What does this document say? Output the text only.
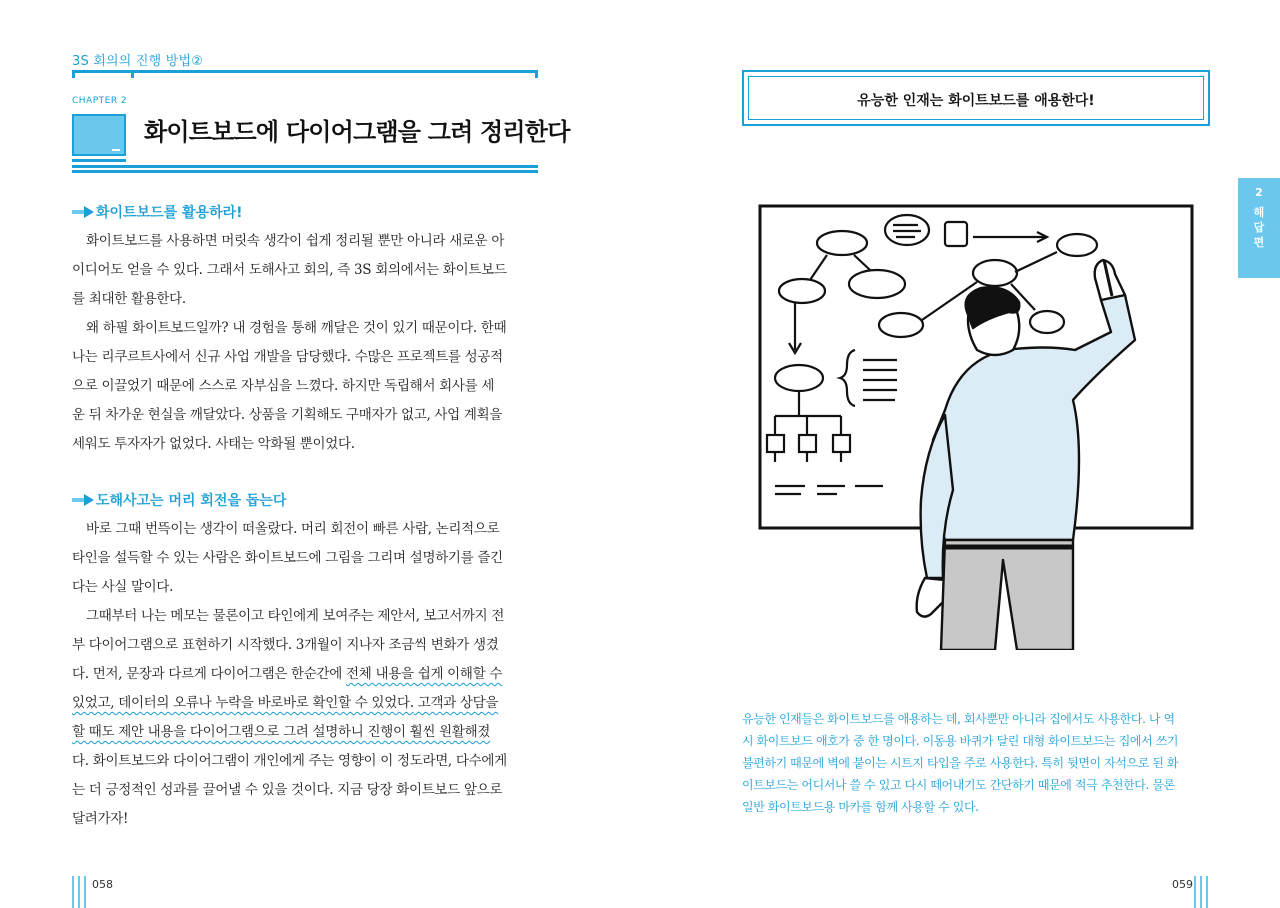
3S 회의의 진행 방법②
CHAPTER 2
화이트보드에 다이어그램을 그려 정리한다
화이트보드를 활용하라!
화이트보드를 사용하면 머릿속 생각이 쉽게 정리될 뿐만 아니라 새로운 아
이디어도 얻을 수 있다. 그래서 도해사고 회의, 즉 3S 회의에서는 화이트보드
를 최대한 활용한다.
왜 하필 화이트보드일까? 내 경험을 통해 깨달은 것이 있기 때문이다. 한때
나는 리쿠르트사에서 신규 사업 개발을 담당했다. 수많은 프로젝트를 성공적
으로 이끌었기 때문에 스스로 자부심을 느꼈다. 하지만 독립해서 회사를 세
운 뒤 차가운 현실을 깨달았다. 상품을 기획해도 구매자가 없고, 사업 계획을
세워도 투자자가 없었다. 사태는 악화될 뿐이었다.
도해사고는 머리 회전을 돕는다
바로 그때 번뜩이는 생각이 떠올랐다. 머리 회전이 빠른 사람, 논리적으로
타인을 설득할 수 있는 사람은 화이트보드에 그림을 그리며 설명하기를 즐긴
다는 사실 말이다.
그때부터 나는 메모는 물론이고 타인에게 보여주는 제안서, 보고서까지 전
부 다이어그램으로 표현하기 시작했다. 3개월이 지나자 조금씩 변화가 생겼
다. 먼저, 문장과 다르게 다이어그램은 한순간에 전체 내용을 쉽게 이해할 수
있었고, 데이터의 오류나 누락을 바로바로 확인할 수 있었다. 고객과 상담을
할 때도 제안 내용을 다이어그램으로 그려 설명하니 진행이 훨씬 원활해졌
다. 화이트보드와 다이어그램이 개인에게 주는 영향이 이 정도라면, 다수에게
는 더 긍정적인 성과를 끌어낼 수 있을 것이다. 지금 당장 화이트보드 앞으로
달려가자!
058
유능한 인재는 화이트보드를 애용한다!
2
해
답
편
유능한 인재들은 화이트보드를 애용하는 데, 회사뿐만 아니라 집에서도 사용한다. 나 역
시 화이트보드 애호가 중 한 명이다. 이동용 바퀴가 달린 대형 화이트보드는 집에서 쓰기
불편하기 때문에 벽에 붙이는 시트지 타입을 주로 사용한다. 특히 뒷면이 자석으로 된 화
이트보드는 어디서나 쓸 수 있고 다시 떼어내기도 간단하기 때문에 적극 추천한다. 물론
일반 화이트보드용 마카를 함께 사용할 수 있다.
059
